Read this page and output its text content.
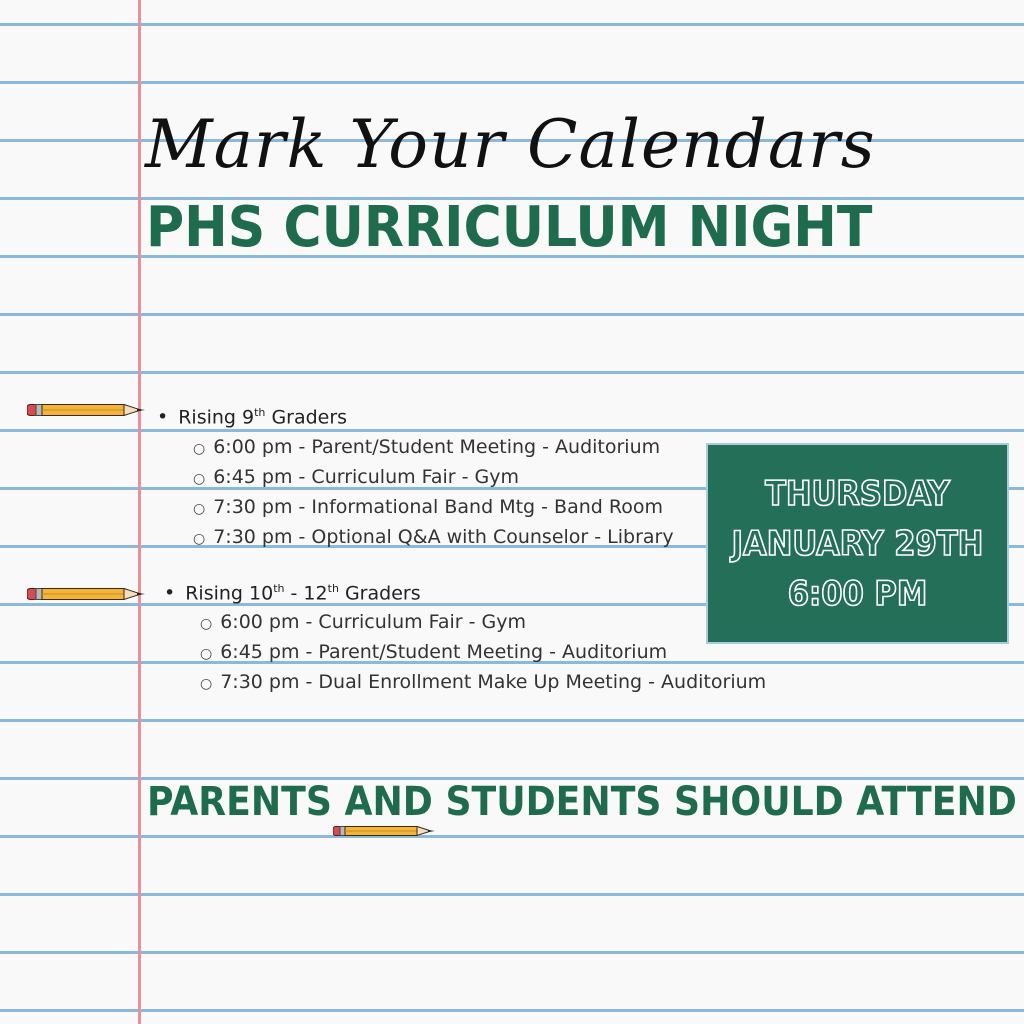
Mark Your Calendars
PHS CURRICULUM NIGHT
• Rising 9th Graders
○ 6:00 pm - Parent/Student Meeting - Auditorium
○ 6:45 pm - Curriculum Fair - Gym
○ 7:30 pm - Informational Band Mtg - Band Room
○ 7:30 pm - Optional Q&A with Counselor - Library
• Rising 10th - 12th Graders
○ 6:00 pm - Curriculum Fair - Gym
○ 6:45 pm - Parent/Student Meeting - Auditorium
○ 7:30 pm - Dual Enrollment Make Up Meeting - Auditorium
THURSDAY
JANUARY 29TH
6:00 PM
PARENTS AND STUDENTS SHOULD ATTEND
